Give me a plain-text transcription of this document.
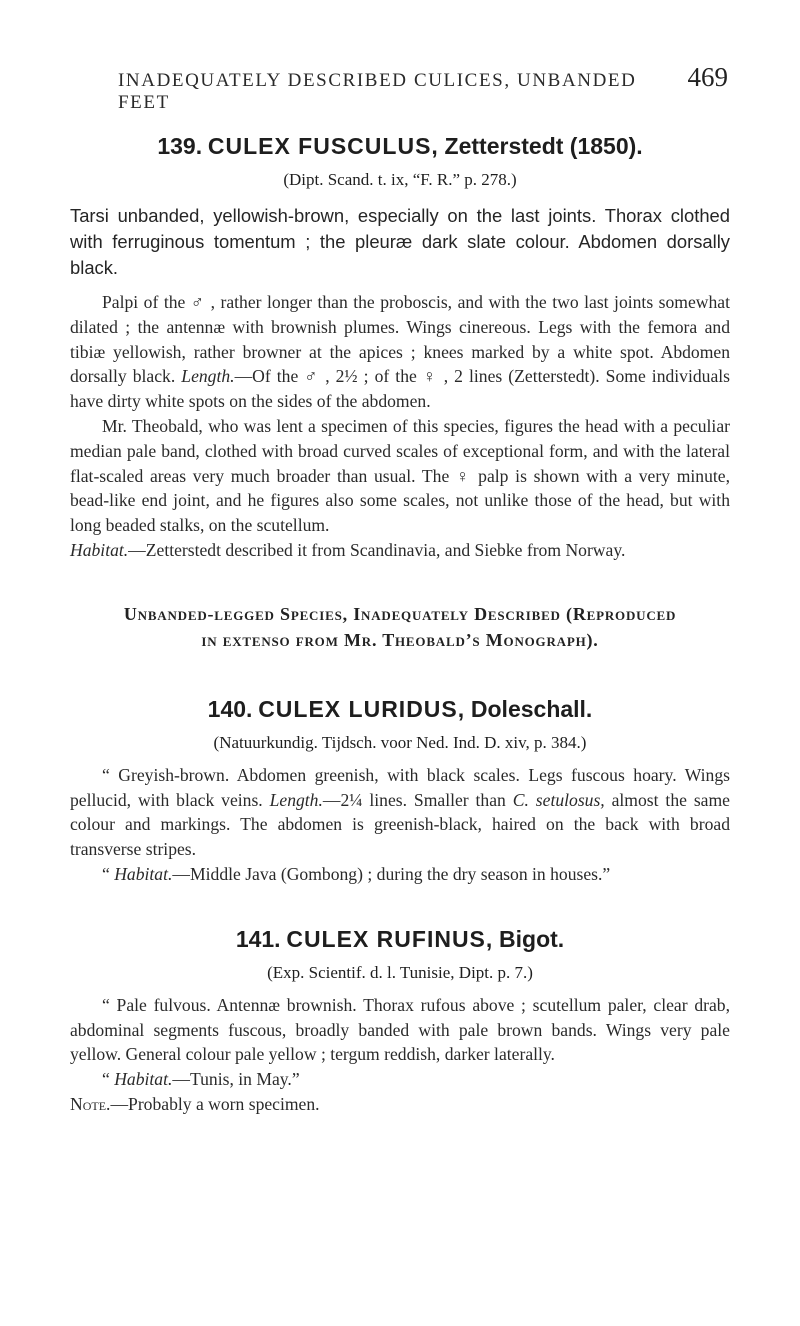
INADEQUATELY DESCRIBED CULICES, UNBANDED FEET
469
139. CULEX FUSCULUS, Zetterstedt (1850).

(Dipt. Scand. t. ix, “F. R.” p. 278.)

Tarsi unbanded, yellowish-brown, especially on the last joints. Thorax clothed with ferruginous tomentum ; the pleuræ dark slate colour. Abdomen dorsally black.

Palpi of the ♂ , rather longer than the proboscis, and with the two last joints somewhat dilated ; the antennæ with brownish plumes. Wings cinereous. Legs with the femora and tibiæ yellowish, rather browner at the apices ; knees marked by a white spot. Abdomen dorsally black. Length.—Of the ♂ , 2½ ; of the ♀ , 2 lines (Zetterstedt). Some individuals have dirty white spots on the sides of the abdomen.

Mr. Theobald, who was lent a specimen of this species, figures the head with a peculiar median pale band, clothed with broad curved scales of exceptional form, and with the lateral flat-scaled areas very much broader than usual. The ♀ palp is shown with a very minute, bead-like end joint, and he figures also some scales, not unlike those of the head, but with long beaded stalks, on the scutellum.

Habitat.—Zetterstedt described it from Scandinavia, and Siebke from Norway.

Unbanded-legged Species, Inadequately Described (Reproduced
in extenso from Mr. Theobald’s Monograph).
140. CULEX LURIDUS, Doleschall.

(Natuurkundig. Tijdsch. voor Ned. Ind. D. xiv, p. 384.)

“ Greyish-brown. Abdomen greenish, with black scales. Legs fuscous hoary. Wings pellucid, with black veins. Length.—2¼ lines. Smaller than C. setulosus, almost the same colour and markings. The abdomen is greenish-black, haired on the back with broad transverse stripes.

“ Habitat.—Middle Java (Gombong) ; during the dry season in houses.”

141. CULEX RUFINUS, Bigot.

(Exp. Scientif. d. l. Tunisie, Dipt. p. 7.)

“ Pale fulvous. Antennæ brownish. Thorax rufous above ; scutellum paler, clear drab, abdominal segments fuscous, broadly banded with pale brown bands. Wings very pale yellow. General colour pale yellow ; tergum reddish, darker laterally.

“ Habitat.—Tunis, in May.”

Note.—Probably a worn specimen.
